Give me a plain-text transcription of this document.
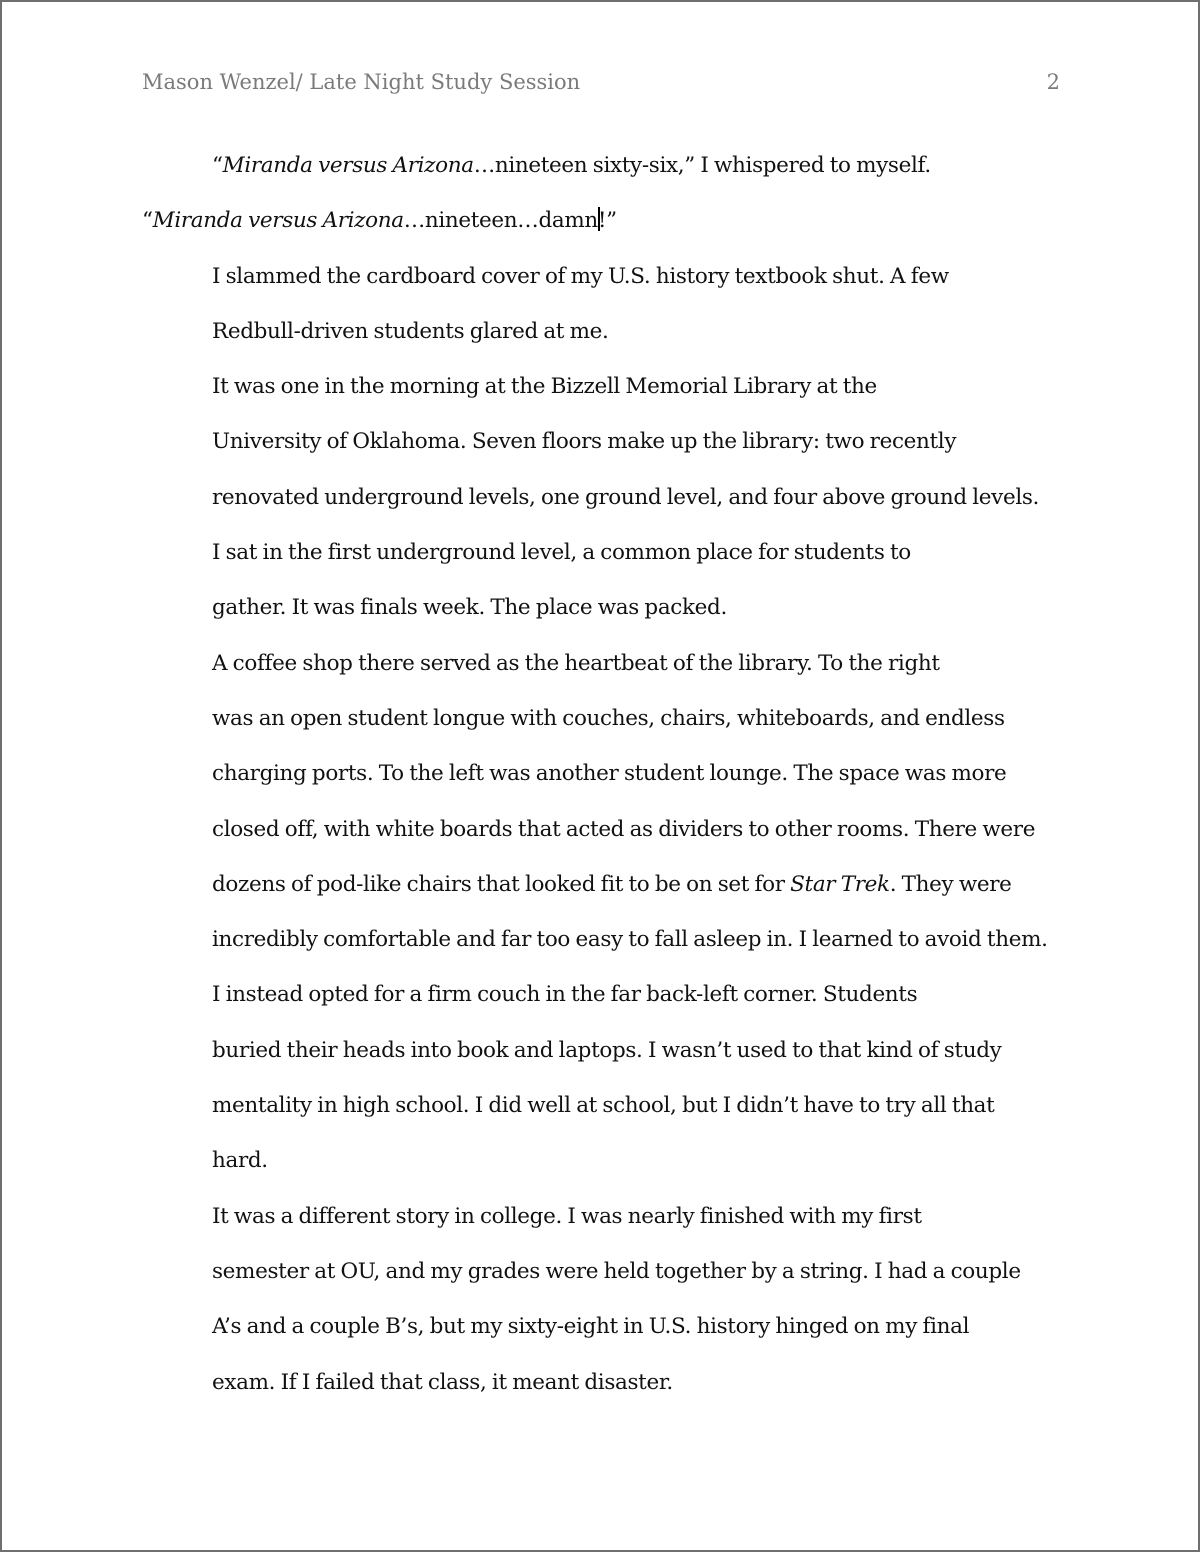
Mason Wenzel/ Late Night Study Session	2

“Miranda versus Arizona…nineteen sixty-six,” I whispered to myself.

“Miranda versus Arizona…nineteen…damn!”

I slammed the cardboard cover of my U.S. history textbook shut. A few
Redbull-driven students glared at me.

It was one in the morning at the Bizzell Memorial Library at the
University of Oklahoma. Seven floors make up the library: two recently
renovated underground levels, one ground level, and four above ground levels.

I sat in the first underground level, a common place for students to
gather. It was finals week. The place was packed.

A coffee shop there served as the heartbeat of the library. To the right
was an open student longue with couches, chairs, whiteboards, and endless
charging ports. To the left was another student lounge. The space was more
closed off, with white boards that acted as dividers to other rooms. There were
dozens of pod-like chairs that looked fit to be on set for Star Trek. They were
incredibly comfortable and far too easy to fall asleep in. I learned to avoid them.

I instead opted for a firm couch in the far back-left corner. Students
buried their heads into book and laptops. I wasn’t used to that kind of study
mentality in high school. I did well at school, but I didn’t have to try all that
hard.

It was a different story in college. I was nearly finished with my first
semester at OU, and my grades were held together by a string. I had a couple
A’s and a couple B’s, but my sixty-eight in U.S. history hinged on my final
exam. If I failed that class, it meant disaster.
